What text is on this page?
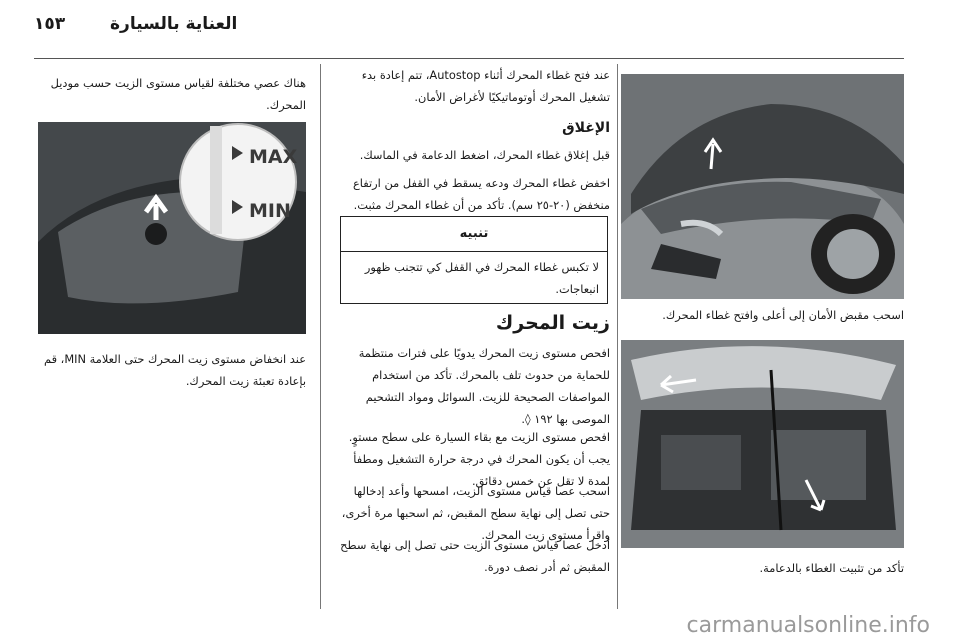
١٥٣	العناية بالسيارة
اسحب مقبض الأمان إلى أعلى وافتح غطاء المحرك.
تأكد من تثبيت الغطاء بالدعامة.
عند فتح غطاء المحرك أثناء Autostop، تتم إعادة بدء تشغيل المحرك أوتوماتيكيًا لأغراض الأمان.
الإغلاق
قبل إغلاق غطاء المحرك، اضغط الدعامة في الماسك.
اخفض غطاء المحرك ودعه يسقط في القفل من ارتفاع منخفض (٢٠-٢٥ سم). تأكد من أن غطاء المحرك مثبت.
تنبيه
لا تكبس غطاء المحرك في القفل كي تتجنب ظهور انبعاجات.
زيت المحرك
افحص مستوى زيت المحرك يدويًا على فترات منتظمة للحماية من حدوث تلف بالمحرك. تأكد من استخدام المواصفات الصحيحة للزيت. السوائل ومواد التشحيم الموصى بها ١٩٢ ◊.
افحص مستوى الزيت مع بقاء السيارة على سطح مستوٍ. يجب أن يكون المحرك في درجة حرارة التشغيل ومطفأ لمدة لا تقل عن خمس دقائق.
اسحب عصا قياس مستوى الزيت، امسحها وأعد إدخالها حتى تصل إلى نهاية سطح المقبض، ثم اسحبها مرة أخرى، واقرأ مستوى زيت المحرك.
أدخل عصا قياس مستوى الزيت حتى تصل إلى نهاية سطح المقبض ثم أدر نصف دورة.
هناك عصي مختلفة لقياس مستوى الزيت حسب موديل المحرك.
MAX
MIN
عند انخفاض مستوى زيت المحرك حتى العلامة MIN، قم بإعادة تعبئة زيت المحرك.
carmanualsonline.info
